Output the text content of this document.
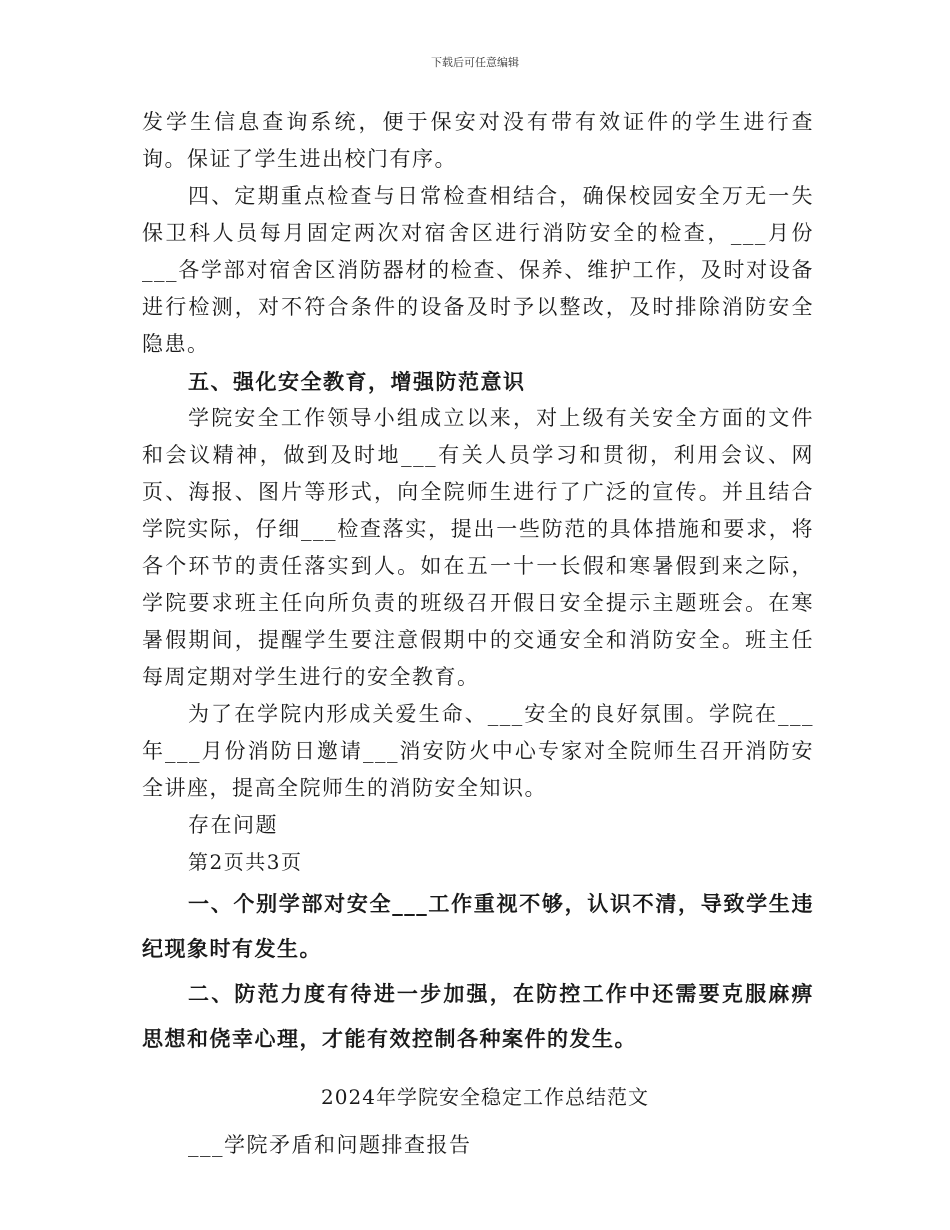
下载后可任意编辑

发学生信息查询系统，便于保安对没有带有效证件的学生进行查询。保证了学生进出校门有序。

四、定期重点检查与日常检查相结合，确保校园安全万无一失保卫科人员每月固定两次对宿舍区进行消防安全的检查，___月份___各学部对宿舍区消防器材的检查、保养、维护工作，及时对设备进行检测，对不符合条件的设备及时予以整改，及时排除消防安全隐患。

五、强化安全教育，增强防范意识

学院安全工作领导小组成立以来，对上级有关安全方面的文件和会议精神，做到及时地___有关人员学习和贯彻，利用会议、网页、海报、图片等形式，向全院师生进行了广泛的宣传。并且结合学院实际，仔细___检查落实，提出一些防范的具体措施和要求，将各个环节的责任落实到人。如在五一十一长假和寒暑假到来之际，学院要求班主任向所负责的班级召开假日安全提示主题班会。在寒暑假期间，提醒学生要注意假期中的交通安全和消防安全。班主任每周定期对学生进行的安全教育。

为了在学院内形成关爱生命、___安全的良好氛围。学院在___年___月份消防日邀请___消安防火中心专家对全院师生召开消防安全讲座，提高全院师生的消防安全知识。

存在问题

第2页共3页

一、个别学部对安全___工作重视不够，认识不清，导致学生违纪现象时有发生。

二、防范力度有待进一步加强，在防控工作中还需要克服麻痹思想和侥幸心理，才能有效控制各种案件的发生。

2024年学院安全稳定工作总结范文

___学院矛盾和问题排查报告
